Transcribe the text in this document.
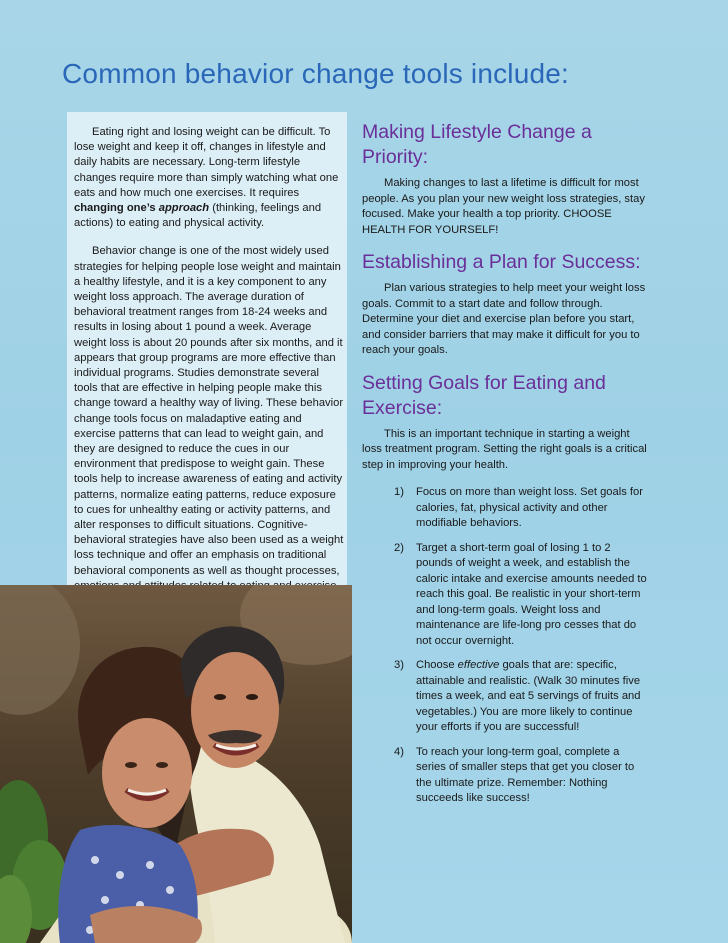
Common behavior change tools include:

Eating right and losing weight can be difficult. To lose weight and keep it off, changes in lifestyle and daily habits are necessary. Long-term lifestyle changes require more than simply watching what one eats and how much one exercises. It requires changing one’s approach (thinking, feelings and actions) to eating and physical activity.

Behavior change is one of the most widely used strategies for helping people lose weight and maintain a healthy lifestyle, and it is a key component to any weight loss approach. The average duration of behavioral treatment ranges from 18-24 weeks and results in losing about 1 pound a week. Average weight loss is about 20 pounds after six months, and it appears that group programs are more effective than individual programs. Studies demonstrate several tools that are effective in helping people make this change toward a healthy way of living. These behavior change tools focus on maladaptive eating and exercise patterns that can lead to weight gain, and they are designed to reduce the cues in our environment that predispose to weight gain. These tools help to increase awareness of eating and activity patterns, normalize eating patterns, reduce exposure to cues for unhealthy eating or activity patterns, and alter responses to difficult situations. Cognitive-behavioral strategies have also been used as a weight loss technique and offer an emphasis on traditional behavioral components as well as thought processes,

Making Lifestyle Change a Priority:

Making changes to last a lifetime is difficult for most people. As you plan your new weight loss strategies, stay focused. Make your health a top priority. CHOOSE HEALTH FOR YOURSELF!

Establishing a Plan for Success:

Plan various strategies to help meet your weight loss goals. Commit to a start date and follow through. Determine your diet and exercise plan before you start, and consider barriers that may make it difficult for you to reach your goals.

Setting Goals for Eating and Exercise:

This is an important technique in starting a weight loss treatment program. Setting the right goals is a critical step in improving your health.

1) Focus on more than weight loss. Set goals for calories, fat, physical activity and other modifiable behaviors.
2) Target a short-term goal of losing 1 to 2 pounds of weight a week, and establish the caloric intake and exercise amounts needed to reach this goal. Be realistic in your short-term and long-term goals. Weight loss and maintenance are life-long pro cesses that do not occur overnight.
3) Choose effective goals that are: specific, attainable and realistic. (Walk 30 minutes five times a week, and eat 5 servings of fruits and vegetables.) You are more likely to continue your efforts if you are successful!
4) To reach your long-term goal, complete a series of smaller steps that get you closer to the ultimate prize. Remember: Nothing succeeds like success!
